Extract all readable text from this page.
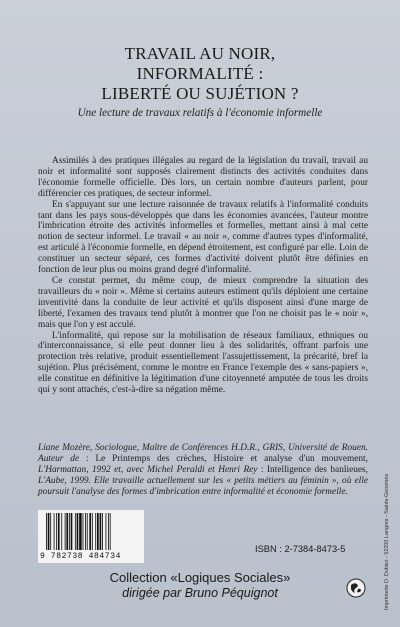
TRAVAIL AU NOIR,
INFORMALITÉ :
LIBERTÉ OU SUJÉTION ?
Une lecture de travaux relatifs à l'économie informelle

Assimilés à des pratiques illégales au regard de la législation du travail, travail au noir et informalité sont supposés clairement distincts des activités conduites dans l'économie formelle officielle. Dès lors, un certain nombre d'auteurs parlent, pour différencier ces pratiques, de secteur informel.

En s'appuyant sur une lecture raisonnée de travaux relatifs à l'informalité conduits tant dans les pays sous-développés que dans les économies avancées, l'auteur montre l'imbrication étroite des activités informelles et formelles, mettant ainsi à mal cette notion de secteur informel. Le travail « au noir », comme d'autres types d'informalité, est articulé à l'économie formelle, en dépend étroitement, est configuré par elle. Loin de constituer un secteur séparé, ces formes d'activité doivent plutôt être définies en fonction de leur plus ou moins grand degré d'informalité.

Ce constat permet, du même coup, de mieux comprendre la situation des travailleurs du « noir ». Même si certains auteurs estiment qu'ils déploient une certaine inventivité dans la conduite de leur activité et qu'ils disposent ainsi d'une marge de liberté, l'examen des travaux tend plutôt à montrer que l'on ne choisit pas le « noir », mais que l'on y est acculé.

L'informalité, qui repose sur la mobilisation de réseaux familiaux, ethniques ou d'interconnaissance, si elle peut donner lieu à des solidarités, offrant parfois une protection très relative, produit essentiellement l'assujettissement, la précarité, bref la sujétion. Plus précisément, comme le montre en France l'exemple des « sans-papiers », elle constitue en définitive la légitimation d'une citoyenneté amputée de tous les droits qui y sont attachés, c'est-à-dire sa négation même.

Liane Mozère, Sociologue, Maître de Conférences H.D.R., GRIS, Université de Rouen. Auteur de : Le Printemps des crèches, Histoire et analyse d'un mouvement, L'Harmattan, 1992 et, avec Michel Peraldi et Henri Rey : Intelligence des banlieues, L'Aube, 1999. Elle travaille actuellement sur les « petits métiers au féminin », où elle poursuit l'analyse des formes d'imbrication entre informalité et économie formelle.
9 782738 484734
ISBN : 2-7384-8473-5
Collection «Logiques Sociales»
dirigée par Bruno Péquignot	Imprimerie D. Dubiez - 52200 Langres - Saints-Geosmes
